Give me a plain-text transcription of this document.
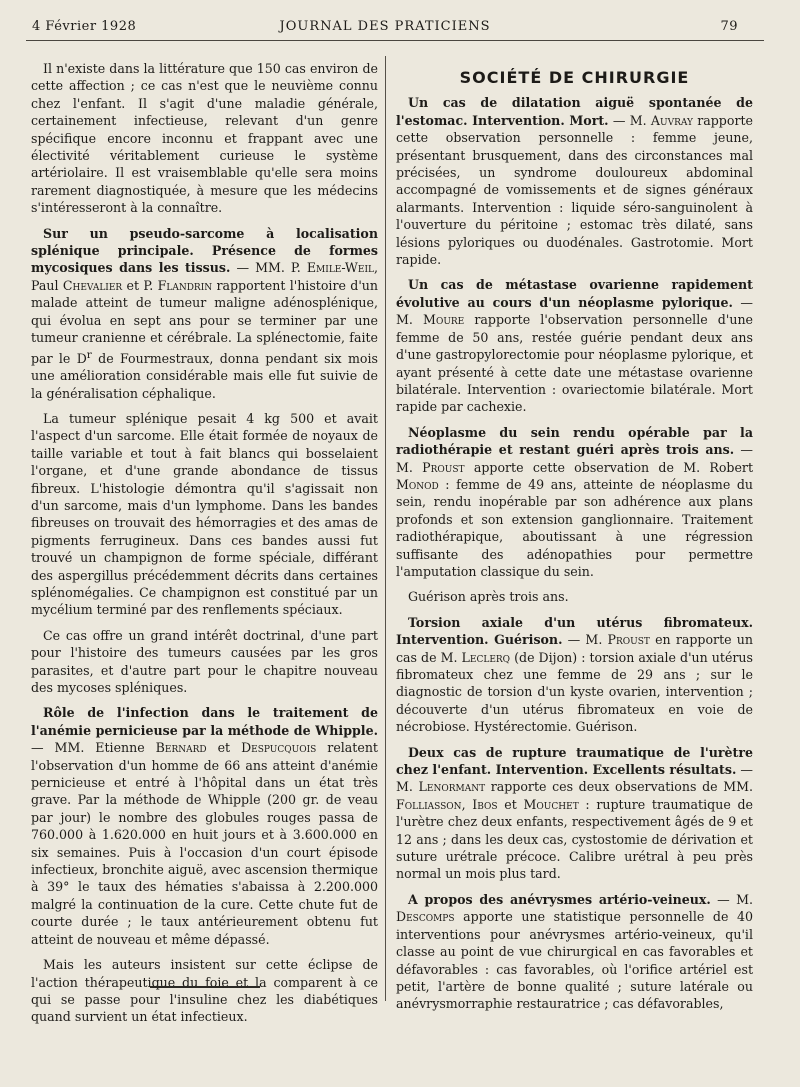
4 Février 1928	JOURNAL DES PRATICIENS	79

Il n'existe dans la littérature que 150 cas environ de cette affection ; ce cas n'est que le neuvième connu chez l'enfant. Il s'agit d'une maladie générale, certainement infectieuse, relevant d'un genre spécifique encore inconnu et frappant avec une électivité véritablement curieuse le système artériolaire. Il est vraisemblable qu'elle sera moins rarement diagnostiquée, à mesure que les médecins s'intéresseront à la connaître.

Sur un pseudo-sarcome à localisation splénique principale. Présence de formes mycosiques dans les tissus. — MM. P. Emile-Weil, Paul Chevalier et P. Flandrin rapportent l'histoire d'un malade atteint de tumeur maligne adénosplénique, qui évolua en sept ans pour se terminer par une tumeur cranienne et cérébrale. La splénectomie, faite par le $D^r$ de Fourmestraux, donna pendant six mois une amélioration considérable mais elle fut suivie de la généralisation céphalique.

La tumeur splénique pesait 4 kg 500 et avait l'aspect d'un sarcome. Elle était formée de noyaux de taille variable et tout à fait blancs qui bosselaient l'organe, et d'une grande abondance de tissus fibreux. L'histologie démontra qu'il s'agissait non d'un sarcome, mais d'un lymphome. Dans les bandes fibreuses on trouvait des hémorragies et des amas de pigments ferrugineux. Dans ces bandes aussi fut trouvé un champignon de forme spéciale, différant des aspergillus précédemment décrits dans certaines splénomégalies. Ce champignon est constitué par un mycélium terminé par des renflements spéciaux.

Ce cas offre un grand intérêt doctrinal, d'une part pour l'histoire des tumeurs causées par les gros parasites, et d'autre part pour le chapitre nouveau des mycoses spléniques.

Rôle de l'infection dans le traitement de l'anémie pernicieuse par la méthode de Whipple. — MM. Etienne Bernard et Despucquois relatent l'observation d'un homme de 66 ans atteint d'anémie pernicieuse et entré à l'hôpital dans un état très grave. Par la méthode de Whipple (200 gr. de veau par jour) le nombre des globules rouges passa de 760.000 à 1.620.000 en huit jours et à 3.600.000 en six semaines. Puis à l'occasion d'un court épisode infectieux, bronchite aiguë, avec ascension thermique à 39° le taux des hématies s'abaissa à 2.200.000 malgré la continuation de la cure. Cette chute fut de courte durée ; le taux antérieurement obtenu fut atteint de nouveau et même dépassé.

Mais les auteurs insistent sur cette éclipse de l'action thérapeutique du foie et la comparent à ce qui se passe pour l'insuline chez les diabétiques quand survient un état infectieux.

SOCIÉTÉ DE CHIRURGIE

Un cas de dilatation aiguë spontanée de l'estomac. Intervention. Mort. — M. Auvray rapporte cette observation personnelle : femme jeune, présentant brusquement, dans des circonstances mal précisées, un syndrome douloureux abdominal accompagné de vomissements et de signes généraux alarmants. Intervention : liquide séro-sanguinolent à l'ouverture du péritoine ; estomac très dilaté, sans lésions pyloriques ou duodénales. Gastrotomie. Mort rapide.

Un cas de métastase ovarienne rapidement évolutive au cours d'un néoplasme pylorique. — M. Moure rapporte l'observation personnelle d'une femme de 50 ans, restée guérie pendant deux ans d'une gastropylorectomie pour néoplasme pylorique, et ayant présenté à cette date une métastase ovarienne bilatérale. Intervention : ovariectomie bilatérale. Mort rapide par cachexie.

Néoplasme du sein rendu opérable par la radiothérapie et restant guéri après trois ans. — M. Proust apporte cette observation de M. Robert Monod : femme de 49 ans, atteinte de néoplasme du sein, rendu inopérable par son adhérence aux plans profonds et son extension ganglionnaire. Traitement radiothérapique, aboutissant à une régression suffisante des adénopathies pour permettre l'amputation classique du sein.

Guérison après trois ans.

Torsion axiale d'un utérus fibromateux. Intervention. Guérison. — M. Proust en rapporte un cas de M. Leclerq (de Dijon) : torsion axiale d'un utérus fibromateux chez une femme de 29 ans ; sur le diagnostic de torsion d'un kyste ovarien, intervention ; découverte d'un utérus fibromateux en voie de nécrobiose. Hystérectomie. Guérison.

Deux cas de rupture traumatique de l'urètre chez l'enfant. Intervention. Excellents résultats. — M. Lenormant rapporte ces deux observations de MM. Folliasson, Ibos et Mouchet : rupture traumatique de l'urètre chez deux enfants, respectivement âgés de 9 et 12 ans ; dans les deux cas, cystostomie de dérivation et suture urétrale précoce. Calibre urétral à peu près normal un mois plus tard.

A propos des anévrysmes artério-veineux. — M. Descomps apporte une statistique personnelle de 40 interventions pour anévrysmes artério-veineux, qu'il classe au point de vue chirurgical en cas favorables et défavorables : cas favorables, où l'orifice artériel est petit, l'artère de bonne qualité ; suture latérale ou anévrysmorraphie restauratrice ; cas défavorables,
